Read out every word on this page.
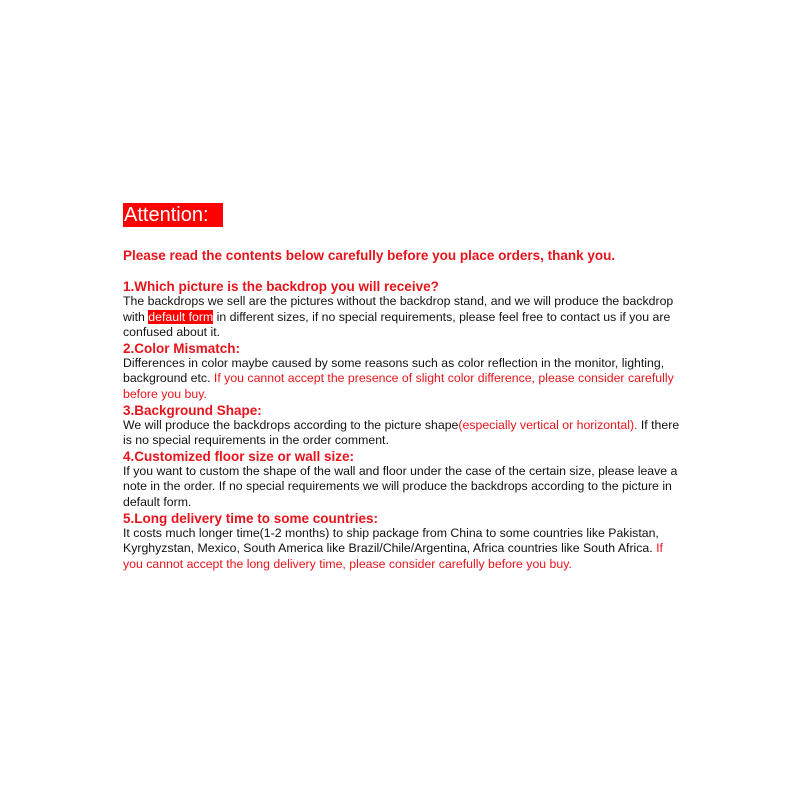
Attention:
Please read the contents below carefully before you place orders, thank you.
1.Which picture is the backdrop you will receive?

The backdrops we sell are the pictures without the backdrop stand, and we will produce the backdrop with default form in different sizes, if no special requirements, please feel free to contact us if you are confused about it.

2.Color Mismatch:

Differences in color maybe caused by some reasons such as color reflection in the monitor, lighting, background etc. If you cannot accept the presence of slight color difference, please consider carefully before you buy.

3.Background Shape:

We will produce the backdrops according to the picture shape(especially vertical or horizontal). If there is no special requirements in the order comment.

4.Customized floor size or wall size:

If you want to custom the shape of the wall and floor under the case of the certain size, please leave a note in the order. If no special requirements we will produce the backdrops according to the picture in default form.

5.Long delivery time to some countries:

It costs much longer time(1-2 months) to ship package from China to some countries like Pakistan, Kyrghyzstan, Mexico, South America like Brazil/Chile/Argentina, Africa countries like South Africa. If you cannot accept the long delivery time, please consider carefully before you buy.
